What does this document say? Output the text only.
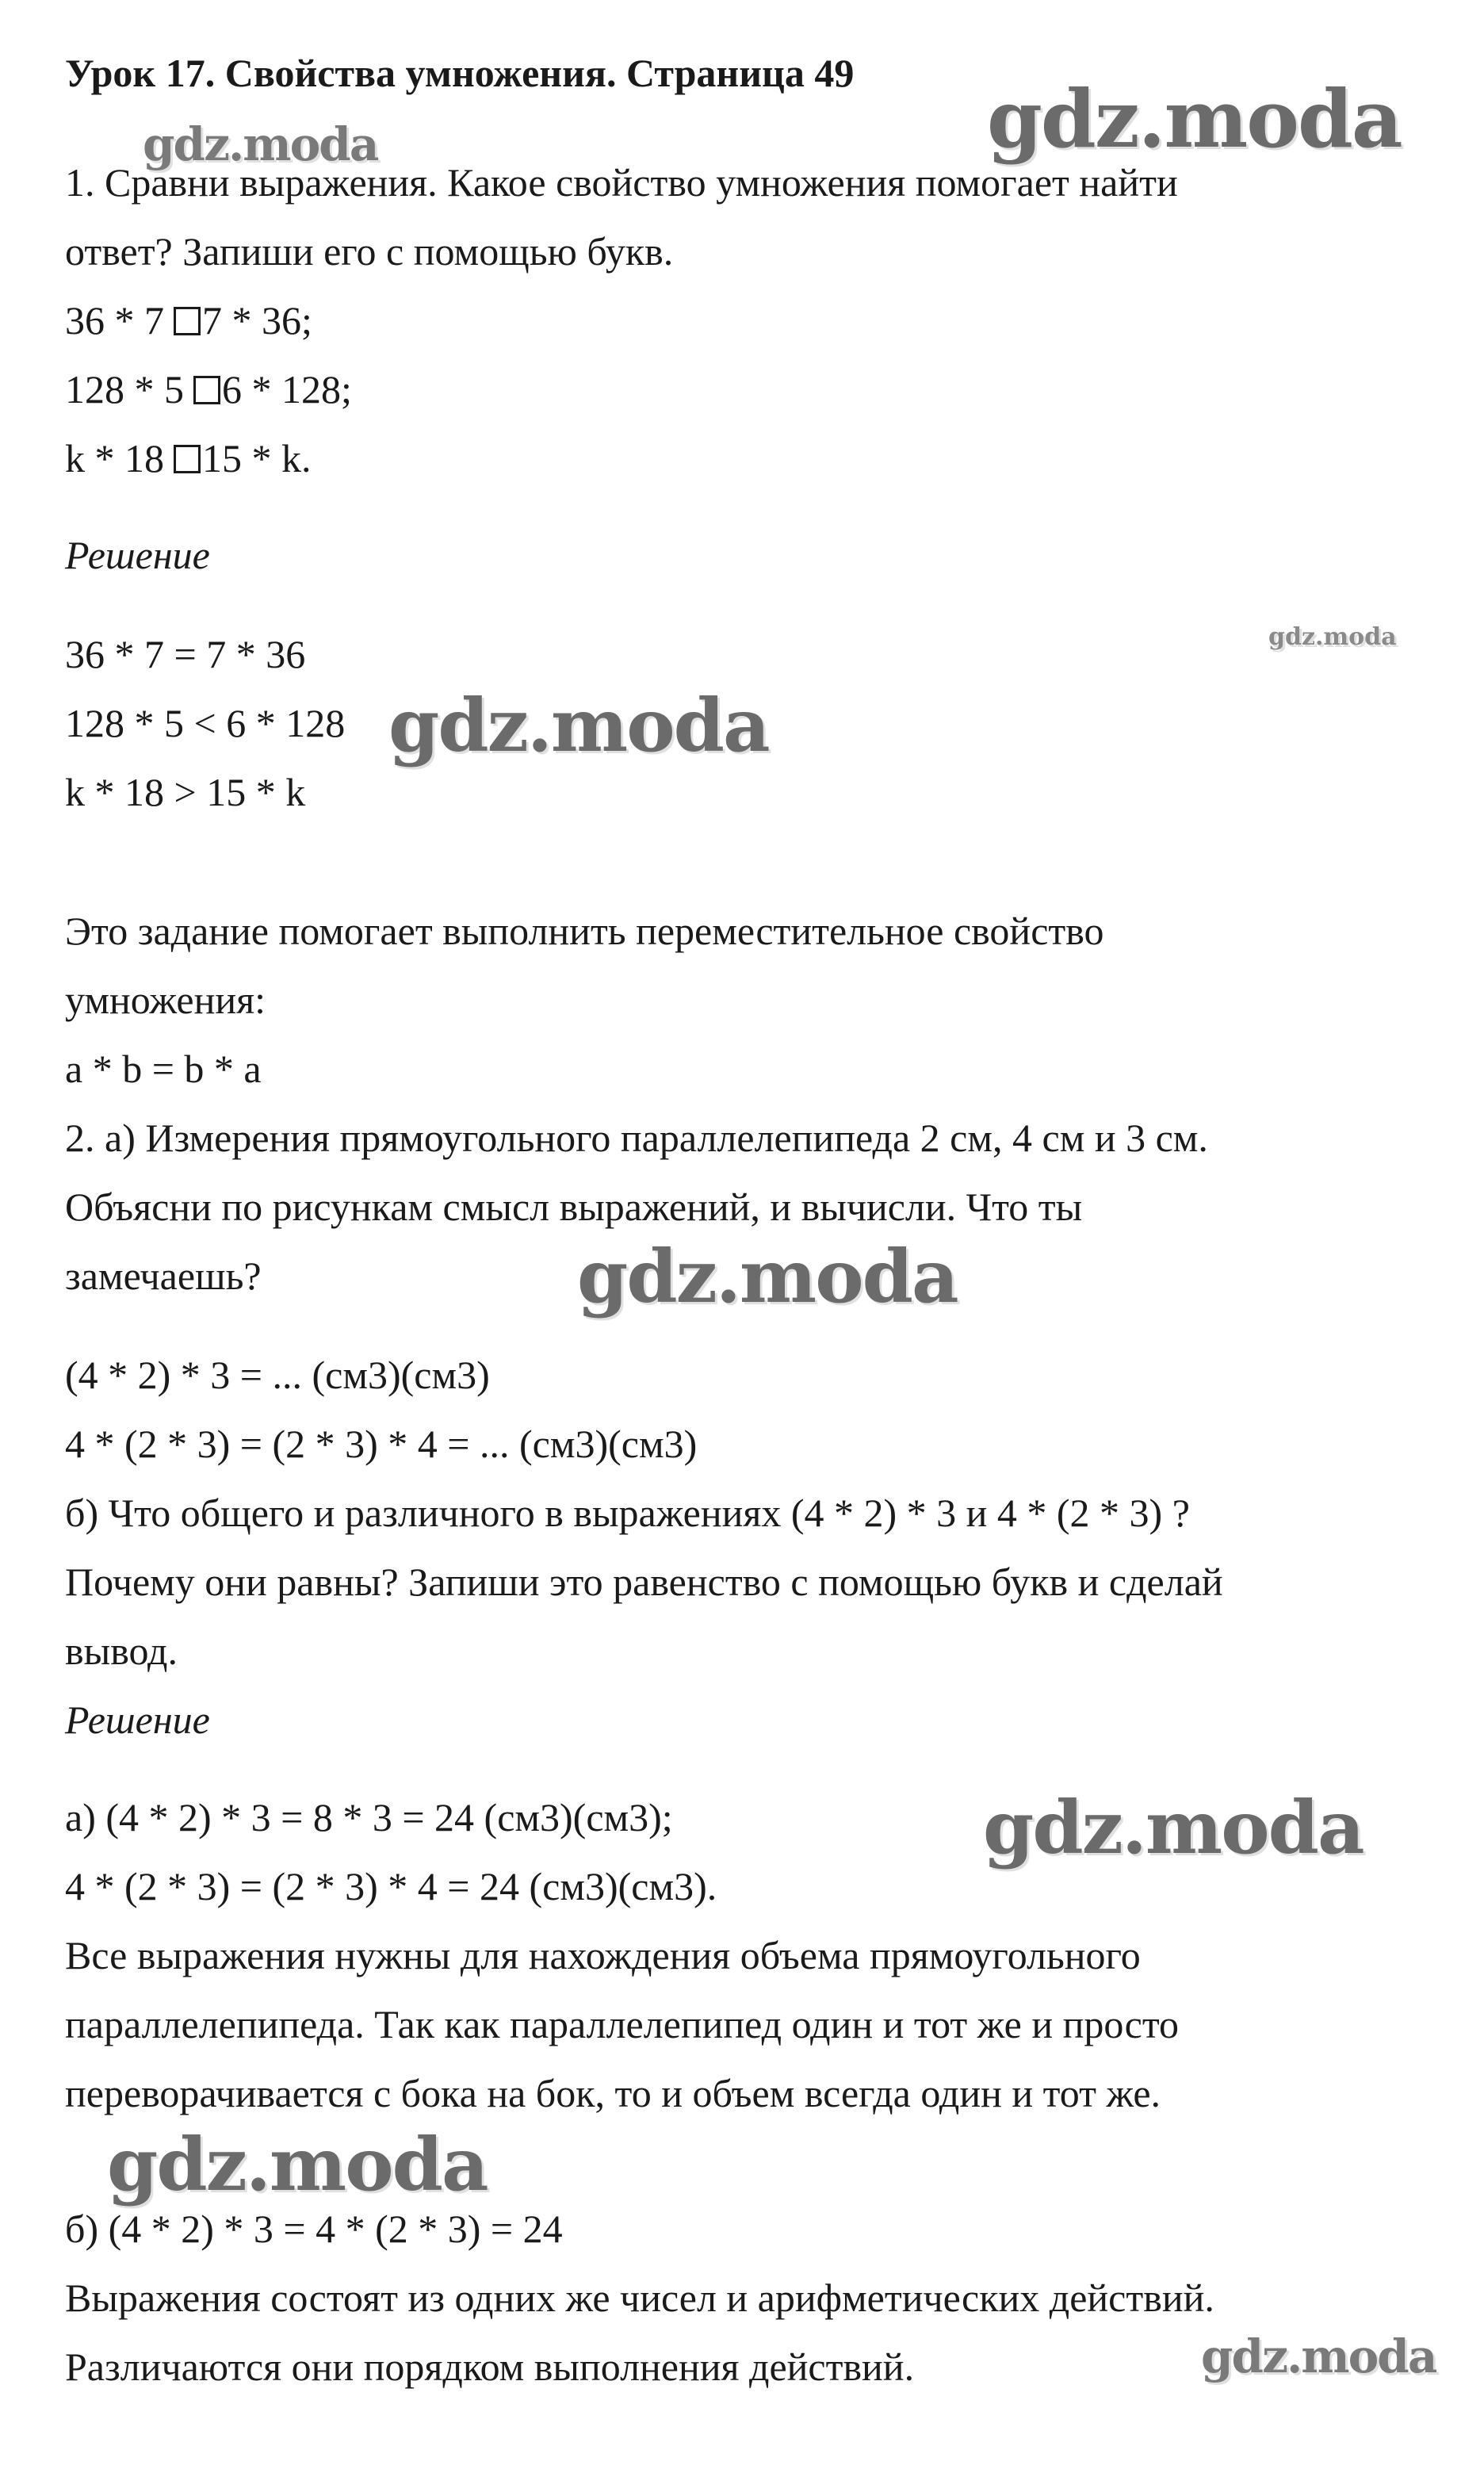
gdz.moda
gdz.moda
gdz.moda
gdz.moda
gdz.moda
gdz.moda
gdz.moda
gdz.moda
Урок 17. Свойства умножения. Страница 49
1. Сравни выражения. Какое свойство умножения помогает найти
ответ? Запиши его с помощью букв.
36 * 7 7 * 36;
128 * 5 6 * 128;
k * 18 15 * k.
Решение
36 * 7 = 7 * 36
128 * 5 < 6 * 128
k * 18 > 15 * k
Это задание помогает выполнить переместительное свойство
умножения:
a * b = b * a
2. а) Измерения прямоугольного параллелепипеда 2 см, 4 см и 3 см.
Объясни по рисункам смысл выражений, и вычисли. Что ты
замечаешь?
(4 * 2) * 3 = ... (см3)(см3)
4 * (2 * 3) = (2 * 3) * 4 = ... (см3)(см3)
б) Что общего и различного в выражениях (4 * 2) * 3 и 4 * (2 * 3) ?
Почему они равны? Запиши это равенство с помощью букв и сделай
вывод.
Решение
а) (4 * 2) * 3 = 8 * 3 = 24 (см3)(см3);
4 * (2 * 3) = (2 * 3) * 4 = 24 (см3)(см3).
Все выражения нужны для нахождения объема прямоугольного
параллелепипеда. Так как параллелепипед один и тот же и просто
переворачивается с бока на бок, то и объем всегда один и тот же.
б) (4 * 2) * 3 = 4 * (2 * 3) = 24
Выражения состоят из одних же чисел и арифметических действий.
Различаются они порядком выполнения действий.
